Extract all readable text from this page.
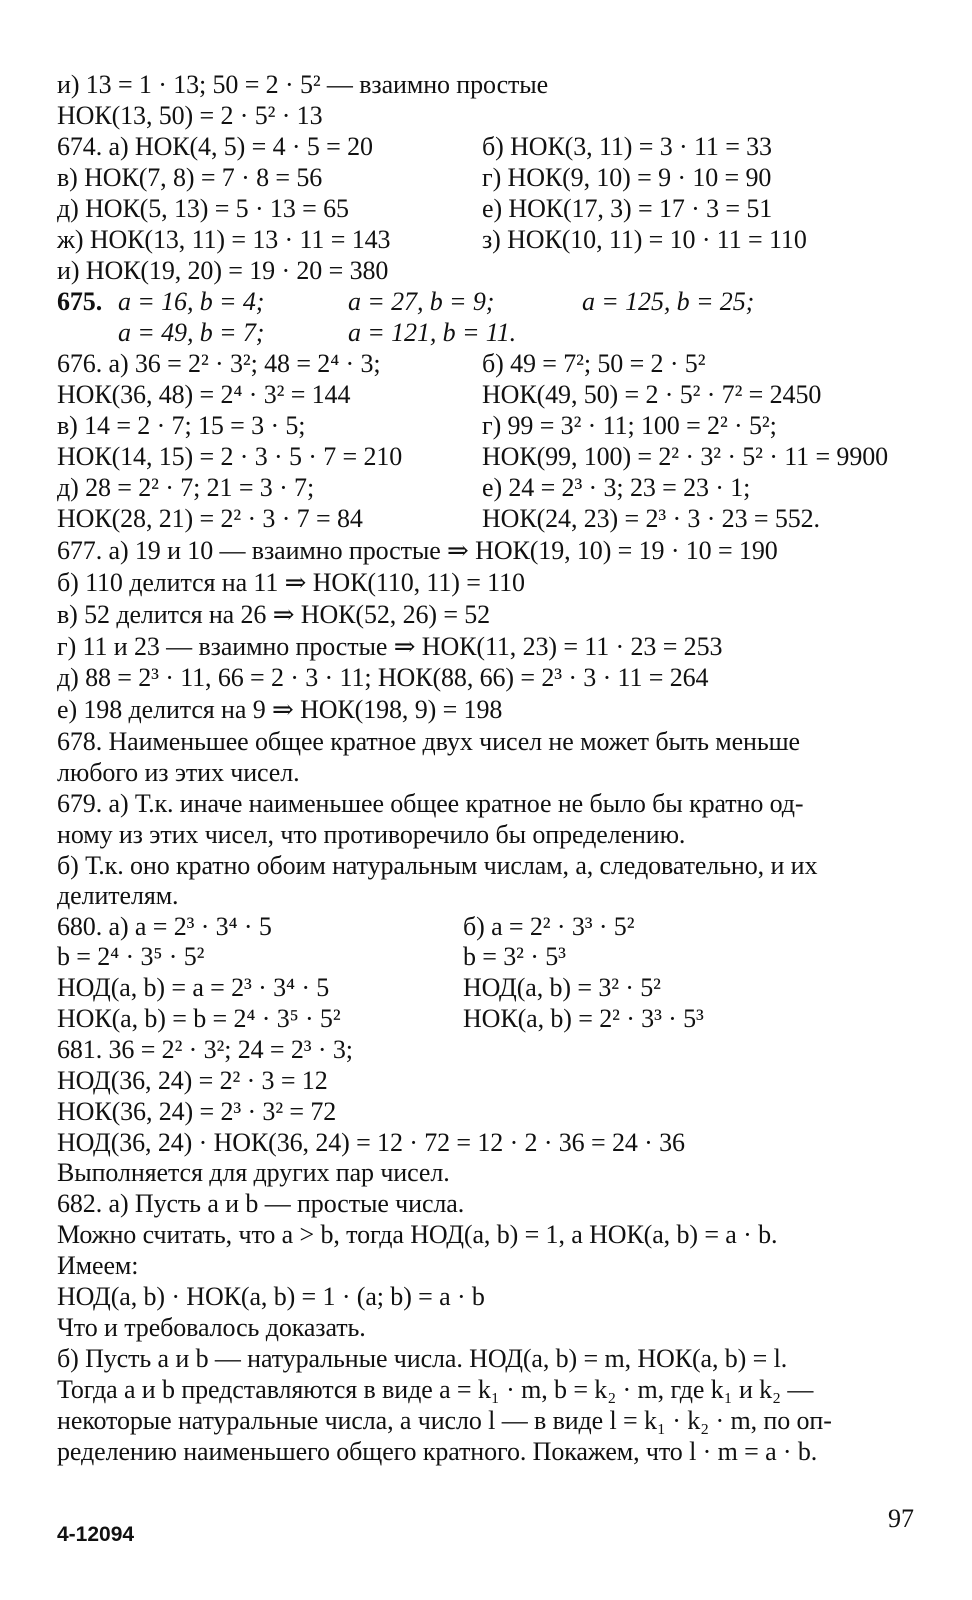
и) 13 = 1 · 13; 50 = 2 · 5² — взаимно простые
НОК(13, 50) = 2 · 5² · 13
674. а) НОК(4, 5) = 4 · 5 = 20	б) НОК(3, 11) = 3 · 11 = 33
в) НОК(7, 8) = 7 · 8 = 56	г) НОК(9, 10) = 9 · 10 = 90
д) НОК(5, 13) = 5 · 13 = 65	е) НОК(17, 3) = 17 · 3 = 51
ж) НОК(13, 11) = 13 · 11 = 143	з) НОК(10, 11) = 10 · 11 = 110
и) НОК(19, 20) = 19 · 20 = 380
675. a = 16, b = 4;	a = 27, b = 9;	a = 125, b = 25;
a = 49, b = 7;	a = 121, b = 11.
676. а) 36 = 2² · 3²; 48 = 2⁴ · 3;	б) 49 = 7²; 50 = 2 · 5²
НОК(36, 48) = 2⁴ · 3² = 144	НОК(49, 50) = 2 · 5² · 7² = 2450
в) 14 = 2 · 7; 15 = 3 · 5;	г) 99 = 3² · 11; 100 = 2² · 5²;
НОК(14, 15) = 2 · 3 · 5 · 7 = 210	НОК(99, 100) = 2² · 3² · 5² · 11 = 9900
д) 28 = 2² · 7; 21 = 3 · 7;	е) 24 = 2³ · 3; 23 = 23 · 1;
НОК(28, 21) = 2² · 3 · 7 = 84	НОК(24, 23) = 2³ · 3 · 23 = 552.
677. а) 19 и 10 — взаимно простые ⇒ НОК(19, 10) = 19 · 10 = 190
б) 110 делится на 11 ⇒ НОК(110, 11) = 110
в) 52 делится на 26 ⇒ НОК(52, 26) = 52
г) 11 и 23 — взаимно простые ⇒ НОК(11, 23) = 11 · 23 = 253
д) 88 = 2³ · 11, 66 = 2 · 3 · 11; НОК(88, 66) = 2³ · 3 · 11 = 264
е) 198 делится на 9 ⇒ НОК(198, 9) = 198
678. Наименьшее общее кратное двух чисел не может быть меньше
любого из этих чисел.
679. а) Т.к. иначе наименьшее общее кратное не было бы кратно од-
ному из этих чисел, что противоречило бы определению.
б) Т.к. оно кратно обоим натуральным числам, а, следовательно, и их
делителям.
680. а) a = 2³ · 3⁴ · 5	б) a = 2² · 3³ · 5²
b = 2⁴ · 3⁵ · 5²	b = 3² · 5³
НОД(a, b) = a = 2³ · 3⁴ · 5	НОД(a, b) = 3² · 5²
НОК(a, b) = b = 2⁴ · 3⁵ · 5²	НОК(a, b) = 2² · 3³ · 5³
681. 36 = 2² · 3²; 24 = 2³ · 3;
НОД(36, 24) = 2² · 3 = 12
НОК(36, 24) = 2³ · 3² = 72
НОД(36, 24) · НОК(36, 24) = 12 · 72 = 12 · 2 · 36 = 24 · 36
Выполняется для других пар чисел.
682. а) Пусть a и b — простые числа.
Можно считать, что a > b, тогда НОД(a, b) = 1, а НОК(a, b) = a · b.
Имеем:
НОД(a, b) · НОК(a, b) = 1 · (a; b) = a · b
Что и требовалось доказать.
б) Пусть a и b — натуральные числа. НОД(a, b) = m, НОК(a, b) = l.
Тогда a и b представляются в виде a = k₁ · m, b = k₂ · m, где k₁ и k₂ —
некоторые натуральные числа, а число l — в виде l = k₁ · k₂ · m, по оп-
ределению наименьшего общего кратного. Покажем, что l · m = a · b.
4-12094
97
